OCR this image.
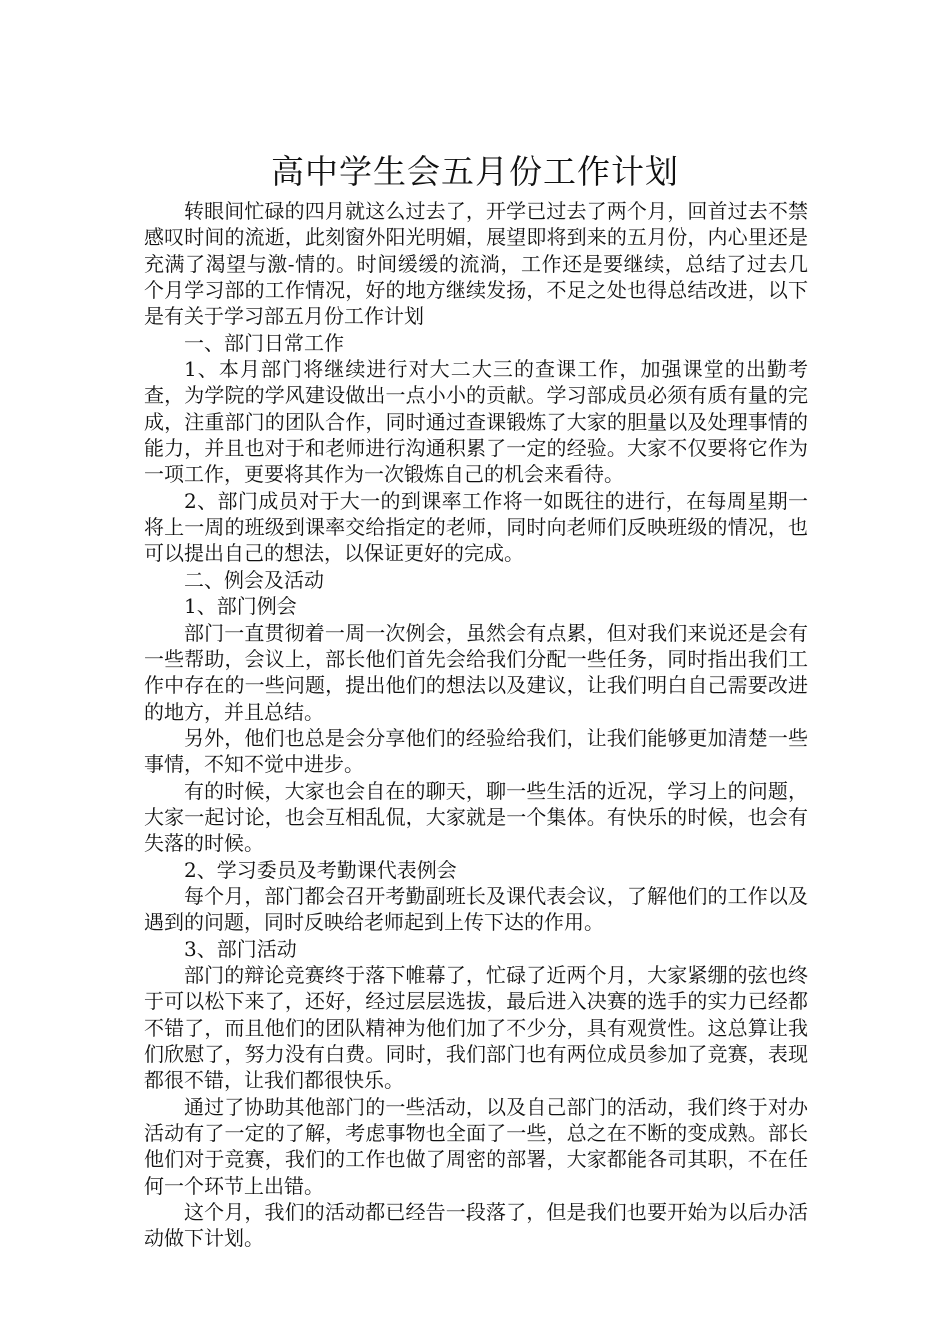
高中学生会五月份工作计划

转眼间忙碌的四月就这么过去了，开学已过去了两个月，回首过去不禁感叹时间的流逝，此刻窗外阳光明媚，展望即将到来的五月份，内心里还是充满了渴望与激-情的。时间缓缓的流淌，工作还是要继续，总结了过去几个月学习部的工作情况，好的地方继续发扬，不足之处也得总结改进，以下是有关于学习部五月份工作计划

一、部门日常工作

1、本月部门将继续进行对大二大三的查课工作，加强课堂的出勤考查，为学院的学风建设做出一点小小的贡献。学习部成员必须有质有量的完成，注重部门的团队合作，同时通过查课锻炼了大家的胆量以及处理事情的能力，并且也对于和老师进行沟通积累了一定的经验。大家不仅要将它作为一项工作，更要将其作为一次锻炼自己的机会来看待。

2、部门成员对于大一的到课率工作将一如既往的进行，在每周星期一将上一周的班级到课率交给指定的老师，同时向老师们反映班级的情况，也可以提出自己的想法，以保证更好的完成。

二、例会及活动

1、部门例会

部门一直贯彻着一周一次例会，虽然会有点累，但对我们来说还是会有一些帮助，会议上，部长他们首先会给我们分配一些任务，同时指出我们工作中存在的一些问题，提出他们的想法以及建议，让我们明白自己需要改进的地方，并且总结。

另外，他们也总是会分享他们的经验给我们，让我们能够更加清楚一些事情，不知不觉中进步。

有的时候，大家也会自在的聊天，聊一些生活的近况，学习上的问题，大家一起讨论，也会互相乱侃，大家就是一个集体。有快乐的时候，也会有失落的时候。

2、学习委员及考勤课代表例会

每个月，部门都会召开考勤副班长及课代表会议，了解他们的工作以及遇到的问题，同时反映给老师起到上传下达的作用。

3、部门活动

部门的辩论竞赛终于落下帷幕了，忙碌了近两个月，大家紧绷的弦也终于可以松下来了，还好，经过层层选拔，最后进入决赛的选手的实力已经都不错了，而且他们的团队精神为他们加了不少分，具有观赏性。这总算让我们欣慰了，努力没有白费。同时，我们部门也有两位成员参加了竞赛，表现都很不错，让我们都很快乐。

通过了协助其他部门的一些活动，以及自己部门的活动，我们终于对办活动有了一定的了解，考虑事物也全面了一些，总之在不断的变成熟。部长他们对于竞赛，我们的工作也做了周密的部署，大家都能各司其职，不在任何一个环节上出错。

这个月，我们的活动都已经告一段落了，但是我们也要开始为以后办活动做下计划。
